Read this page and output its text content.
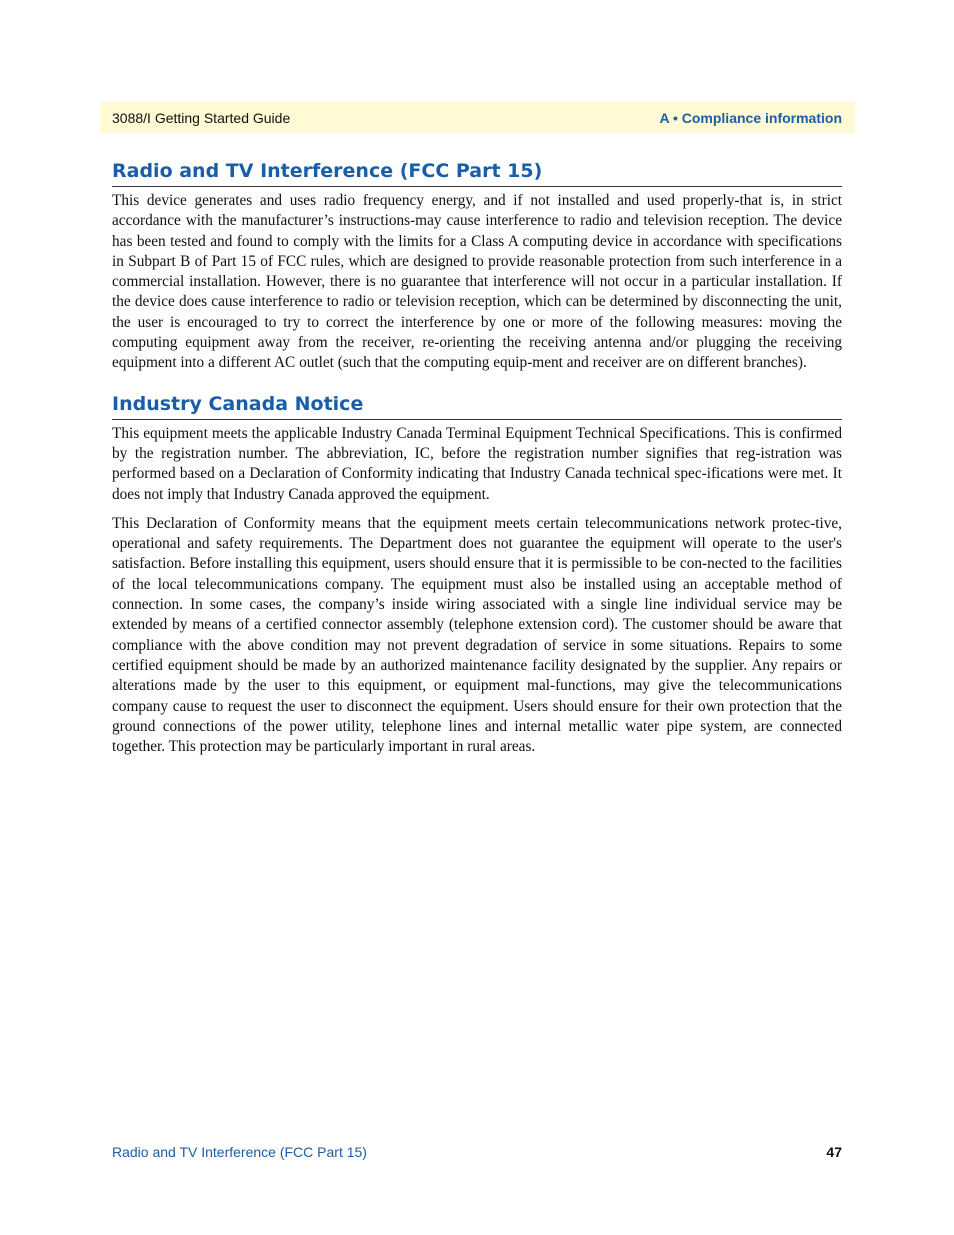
3088/I Getting Started Guide	A • Compliance information
Radio and TV Interference (FCC Part 15)

This device generates and uses radio frequency energy, and if not installed and used properly-that is, in strict accordance with the manufacturer’s instructions-may cause interference to radio and television reception. The device has been tested and found to comply with the limits for a Class A computing device in accordance with specifications in Subpart B of Part 15 of FCC rules, which are designed to provide reasonable protection from such interference in a commercial installation. However, there is no guarantee that interference will not occur in a particular installation. If the device does cause interference to radio or television reception, which can be determined by disconnecting the unit, the user is encouraged to try to correct the interference by one or more of the following measures: moving the computing equipment away from the receiver, re-orienting the receiving antenna and/or plugging the receiving equipment into a different AC outlet (such that the computing equip-ment and receiver are on different branches).

Industry Canada Notice

This equipment meets the applicable Industry Canada Terminal Equipment Technical Specifications. This is confirmed by the registration number. The abbreviation, IC, before the registration number signifies that reg-istration was performed based on a Declaration of Conformity indicating that Industry Canada technical spec-ifications were met. It does not imply that Industry Canada approved the equipment.

This Declaration of Conformity means that the equipment meets certain telecommunications network protec-tive, operational and safety requirements. The Department does not guarantee the equipment will operate to the user's satisfaction. Before installing this equipment, users should ensure that it is permissible to be con-nected to the facilities of the local telecommunications company. The equipment must also be installed using an acceptable method of connection. In some cases, the company’s inside wiring associated with a single line individual service may be extended by means of a certified connector assembly (telephone extension cord). The customer should be aware that compliance with the above condition may not prevent degradation of service in some situations. Repairs to some certified equipment should be made by an authorized maintenance facility designated by the supplier. Any repairs or alterations made by the user to this equipment, or equipment mal-functions, may give the telecommunications company cause to request the user to disconnect the equipment. Users should ensure for their own protection that the ground connections of the power utility, telephone lines and internal metallic water pipe system, are connected together. This protection may be particularly important in rural areas.

Radio and TV Interference (FCC Part 15)	47
